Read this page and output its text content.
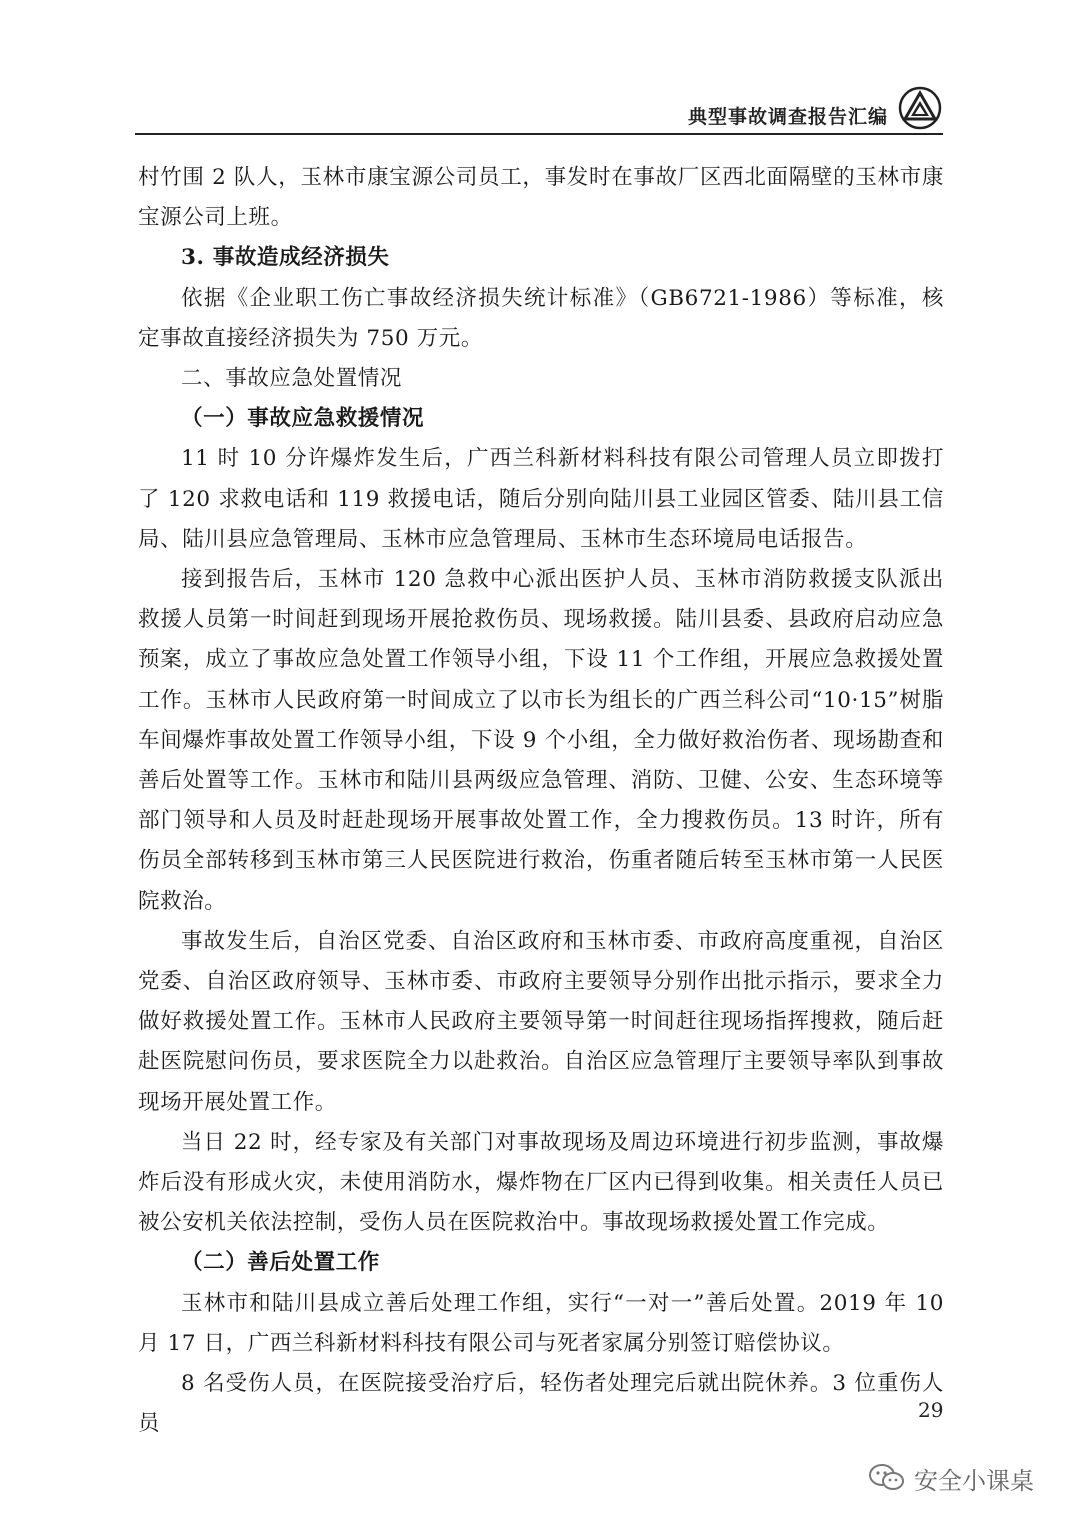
典型事故调查报告汇编

村竹围 2 队人，玉林市康宝源公司员工，事发时在事故厂区西北面隔壁的玉林市康宝源公司上班。

3. 事故造成经济损失

依据《企业职工伤亡事故经济损失统计标准》（GB6721-1986）等标准，核定事故直接经济损失为 750 万元。

二、事故应急处置情况

（一）事故应急救援情况

11 时 10 分许爆炸发生后，广西兰科新材料科技有限公司管理人员立即拨打了 120 求救电话和 119 救援电话，随后分别向陆川县工业园区管委、陆川县工信局、陆川县应急管理局、玉林市应急管理局、玉林市生态环境局电话报告。

接到报告后，玉林市 120 急救中心派出医护人员、玉林市消防救援支队派出救援人员第一时间赶到现场开展抢救伤员、现场救援。陆川县委、县政府启动应急预案，成立了事故应急处置工作领导小组，下设 11 个工作组，开展应急救援处置工作。玉林市人民政府第一时间成立了以市长为组长的广西兰科公司“10·15”树脂车间爆炸事故处置工作领导小组，下设 9 个小组，全力做好救治伤者、现场勘查和善后处置等工作。玉林市和陆川县两级应急管理、消防、卫健、公安、生态环境等部门领导和人员及时赶赴现场开展事故处置工作，全力搜救伤员。13 时许，所有伤员全部转移到玉林市第三人民医院进行救治，伤重者随后转至玉林市第一人民医院救治。

事故发生后，自治区党委、自治区政府和玉林市委、市政府高度重视，自治区党委、自治区政府领导、玉林市委、市政府主要领导分别作出批示指示，要求全力做好救援处置工作。玉林市人民政府主要领导第一时间赶往现场指挥搜救，随后赶赴医院慰问伤员，要求医院全力以赴救治。自治区应急管理厅主要领导率队到事故现场开展处置工作。

当日 22 时，经专家及有关部门对事故现场及周边环境进行初步监测，事故爆炸后没有形成火灾，未使用消防水，爆炸物在厂区内已得到收集。相关责任人员已被公安机关依法控制，受伤人员在医院救治中。事故现场救援处置工作完成。

（二）善后处置工作

玉林市和陆川县成立善后处理工作组，实行“一对一”善后处置。2019 年 10 月 17 日，广西兰科新材料科技有限公司与死者家属分别签订赔偿协议。

8 名受伤人员，在医院接受治疗后，轻伤者处理完后就出院休养。3 位重伤人员

29
安全小课桌
